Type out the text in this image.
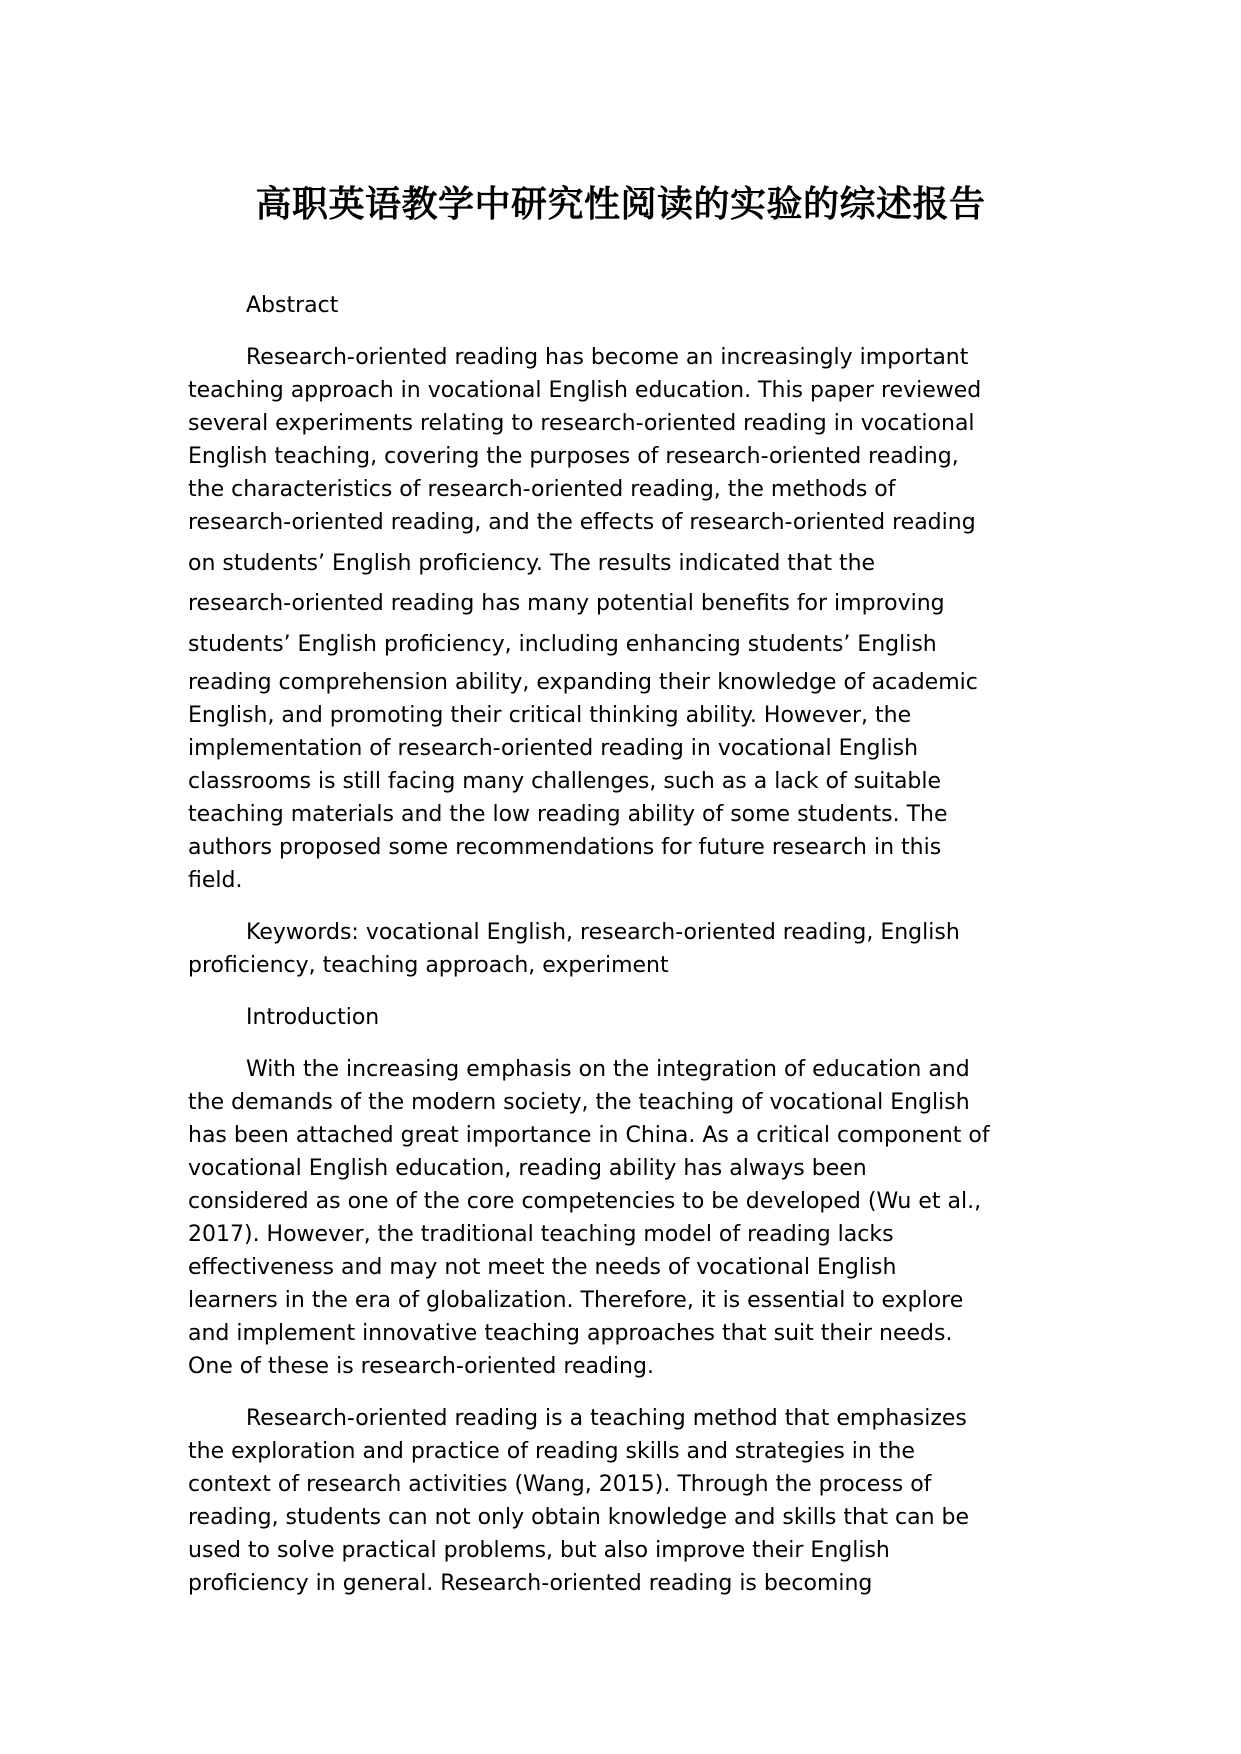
高职英语教学中研究性阅读的实验的综述报告
Abstract
Research-oriented reading has become an increasingly important
teaching approach in vocational English education. This paper reviewed
several experiments relating to research-oriented reading in vocational
English teaching, covering the purposes of research-oriented reading,
the characteristics of research-oriented reading, the methods of
research-oriented reading, and the effects of research-oriented reading
on students’ English proficiency. The results indicated that the
research-oriented reading has many potential benefits for improving
students’ English proficiency, including enhancing students’ English
reading comprehension ability, expanding their knowledge of academic
English, and promoting their critical thinking ability. However, the
implementation of research-oriented reading in vocational English
classrooms is still facing many challenges, such as a lack of suitable
teaching materials and the low reading ability of some students. The
authors proposed some recommendations for future research in this
field.
Keywords: vocational English, research-oriented reading, English
proficiency, teaching approach, experiment
Introduction
With the increasing emphasis on the integration of education and
the demands of the modern society, the teaching of vocational English
has been attached great importance in China. As a critical component of
vocational English education, reading ability has always been
considered as one of the core competencies to be developed (Wu et al.,
2017). However, the traditional teaching model of reading lacks
effectiveness and may not meet the needs of vocational English
learners in the era of globalization. Therefore, it is essential to explore
and implement innovative teaching approaches that suit their needs.
One of these is research-oriented reading.
Research-oriented reading is a teaching method that emphasizes
the exploration and practice of reading skills and strategies in the
context of research activities (Wang, 2015). Through the process of
reading, students can not only obtain knowledge and skills that can be
used to solve practical problems, but also improve their English
proficiency in general. Research-oriented reading is becoming
